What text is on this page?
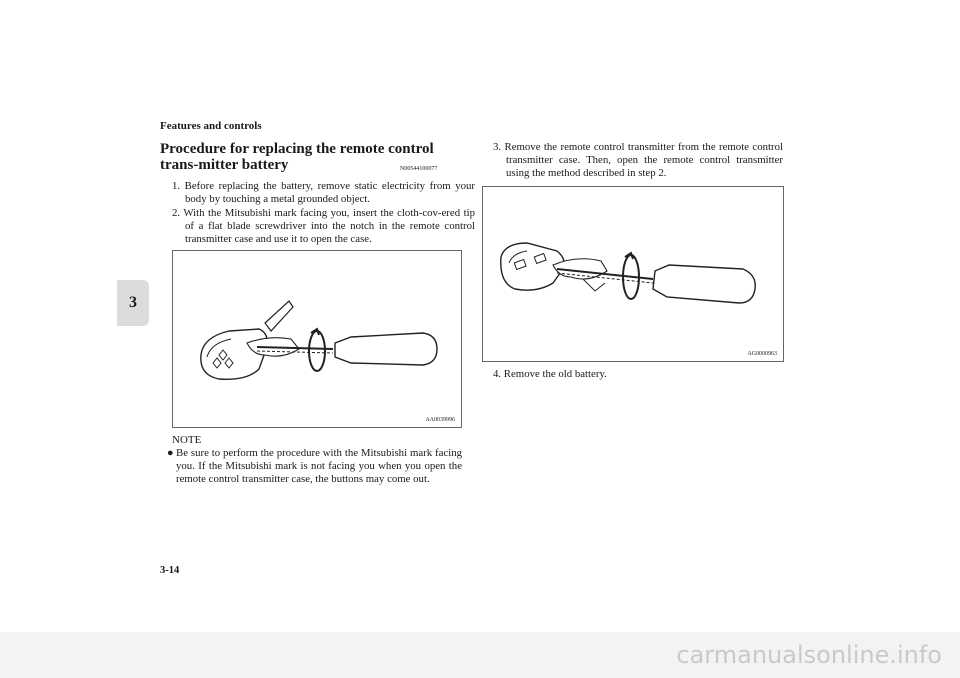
Features and controls
3
Procedure for replacing the remote control trans-mitter battery	N00544100077
1. Before replacing the battery, remove static electricity from your body by touching a metal grounded object.
2. With the Mitsubishi mark facing you, insert the cloth-cov-ered tip of a flat blade screwdriver into the notch in the remote control transmitter case and use it to open the case.
AA0039996
NOTE
● Be sure to perform the procedure with the Mitsubishi mark facing you. If the Mitsubishi mark is not facing you when you open the remote control transmitter case, the buttons may come out.
3. Remove the remote control transmitter from the remote control transmitter case. Then, open the remote control transmitter using the method described in step 2.
AG0000963
4. Remove the old battery.
3-14
carmanualsonline.info
